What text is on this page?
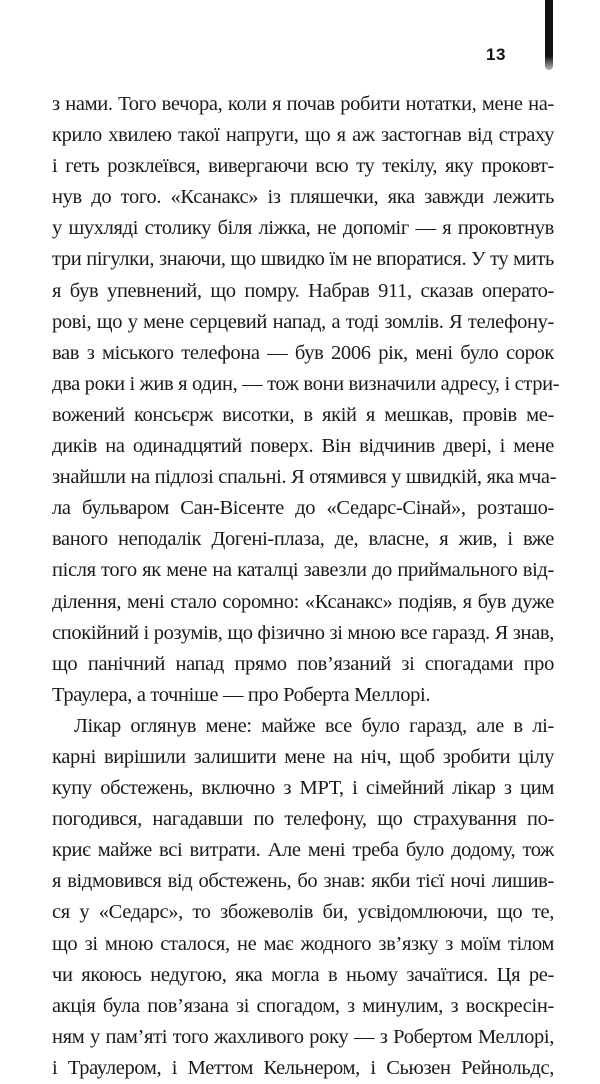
13
з нами. Того вечора, коли я почав робити нотатки, мене на-
крило хвилею такої напруги, що я аж застогнав від страху
і геть розклеївся, вивергаючи всю ту текілу, яку проковт-
нув до того. «Ксанакс» із пляшечки, яка завжди лежить
у шухляді столику біля ліжка, не допоміг — я проковтнув
три пігулки, знаючи, що швидко їм не впоратися. У ту мить
я був упевнений, що помру. Набрав 911, сказав операто-
рові, що у мене серцевий напад, а тоді зомлів. Я телефону-
вав з міського телефона — був 2006 рік, мені було сорок
два роки і жив я один, — тож вони визначили адресу, і стри-
вожений консьєрж висотки, в якій я мешкав, провів ме-
диків на одинадцятий поверх. Він відчинив двері, і мене
знайшли на підлозі спальні. Я отямився у швидкій, яка мча-
ла бульваром Сан-Вісенте до «Седарс-Сінай», розташо-
ваного неподалік Догені-плаза, де, власне, я жив, і вже
після того як мене на каталці завезли до приймального від-
ділення, мені стало соромно: «Ксанакс» подіяв, я був дуже
спокійний і розумів, що фізично зі мною все гаразд. Я знав,
що панічний напад прямо пов’язаний зі спогадами про
Траулера, а точніше — про Роберта Меллорі.
Лікар оглянув мене: майже все було гаразд, але в лі-
карні вирішили залишити мене на ніч, щоб зробити цілу
купу обстежень, включно з МРТ, і сімейний лікар з цим
погодився, нагадавши по телефону, що страхування по-
криє майже всі витрати. Але мені треба було додому, тож
я відмовився від обстежень, бо знав: якби тієї ночі лишив-
ся у «Седарс», то збожеволів би, усвідомлюючи, що те,
що зі мною сталося, не має жодного зв’язку з моїм тілом
чи якоюсь недугою, яка могла в ньому зачаїтися. Ця ре-
акція була пов’язана зі спогадом, з минулим, з воскресін-
ням у пам’яті того жахливого року — з Робертом Меллорі,
і Траулером, і Меттом Кельнером, і Сьюзен Рейнольдс,
